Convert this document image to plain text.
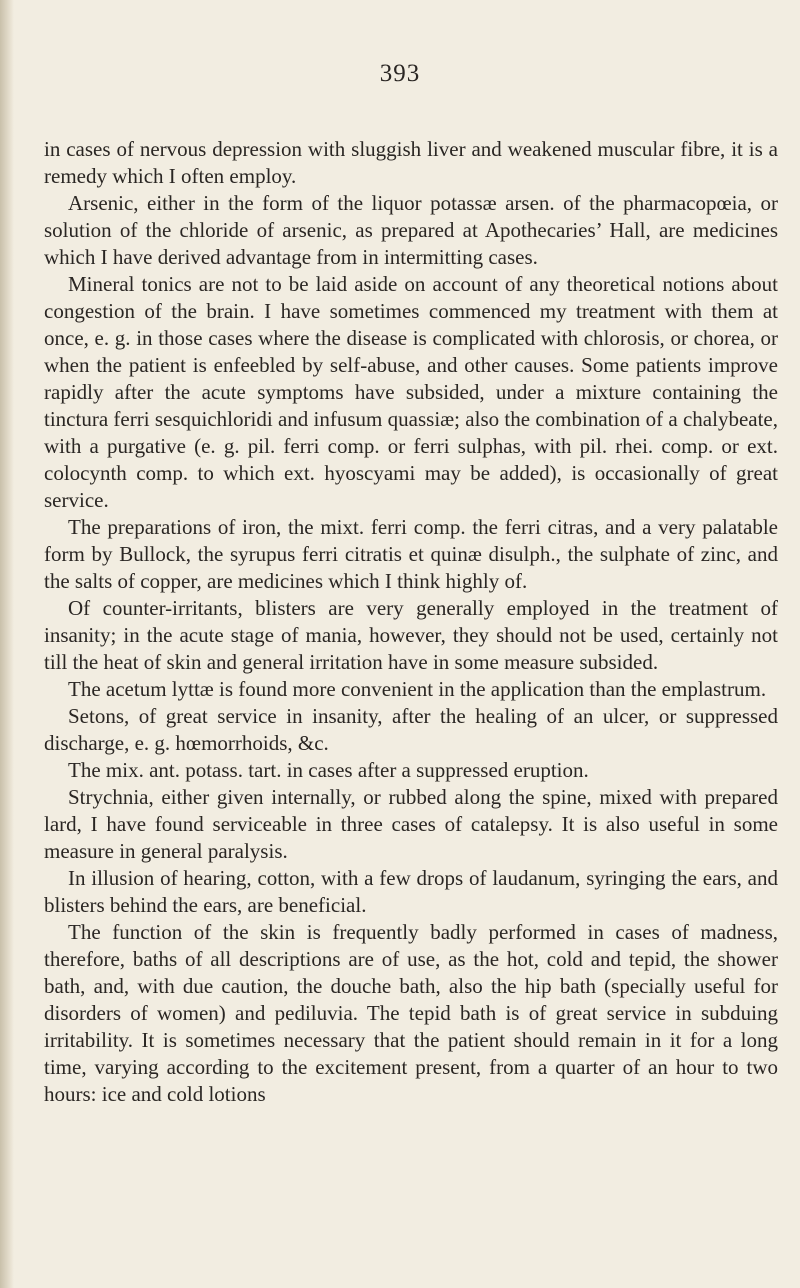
393

in cases of nervous depression with sluggish liver and weakened muscular fibre, it is a remedy which I often employ.

Arsenic, either in the form of the liquor potassæ arsen. of the pharmacopœia, or solution of the chloride of arsenic, as prepared at Apothecaries’ Hall, are medicines which I have derived advantage from in intermitting cases.

Mineral tonics are not to be laid aside on account of any theoretical notions about congestion of the brain. I have sometimes commenced my treatment with them at once, e. g. in those cases where the disease is complicated with chlorosis, or chorea, or when the patient is enfeebled by self-abuse, and other causes. Some patients improve rapidly after the acute symptoms have subsided, under a mixture containing the tinctura ferri sesquichloridi and infusum quassiæ; also the combination of a chalybeate, with a purgative (e. g. pil. ferri comp. or ferri sulphas, with pil. rhei. comp. or ext. colocynth comp. to which ext. hyoscyami may be added), is occasionally of great service.

The preparations of iron, the mixt. ferri comp. the ferri citras, and a very palatable form by Bullock, the syrupus ferri citratis et quinæ disulph., the sulphate of zinc, and the salts of copper, are medicines which I think highly of.

Of counter-irritants, blisters are very generally employed in the treatment of insanity; in the acute stage of mania, however, they should not be used, certainly not till the heat of skin and general irritation have in some measure subsided.

The acetum lyttæ is found more convenient in the application than the emplastrum.

Setons, of great service in insanity, after the healing of an ulcer, or suppressed discharge, e. g. hœmorrhoids, &c.

The mix. ant. potass. tart. in cases after a suppressed eruption.

Strychnia, either given internally, or rubbed along the spine, mixed with prepared lard, I have found serviceable in three cases of catalepsy. It is also useful in some measure in general paralysis.

In illusion of hearing, cotton, with a few drops of laudanum, syringing the ears, and blisters behind the ears, are beneficial.

The function of the skin is frequently badly performed in cases of madness, therefore, baths of all descriptions are of use, as the hot, cold and tepid, the shower bath, and, with due caution, the douche bath, also the hip bath (specially useful for disorders of women) and pediluvia. The tepid bath is of great service in subduing irritability. It is sometimes necessary that the patient should remain in it for a long time, varying according to the excitement present, from a quarter of an hour to two hours: ice and cold lotions
